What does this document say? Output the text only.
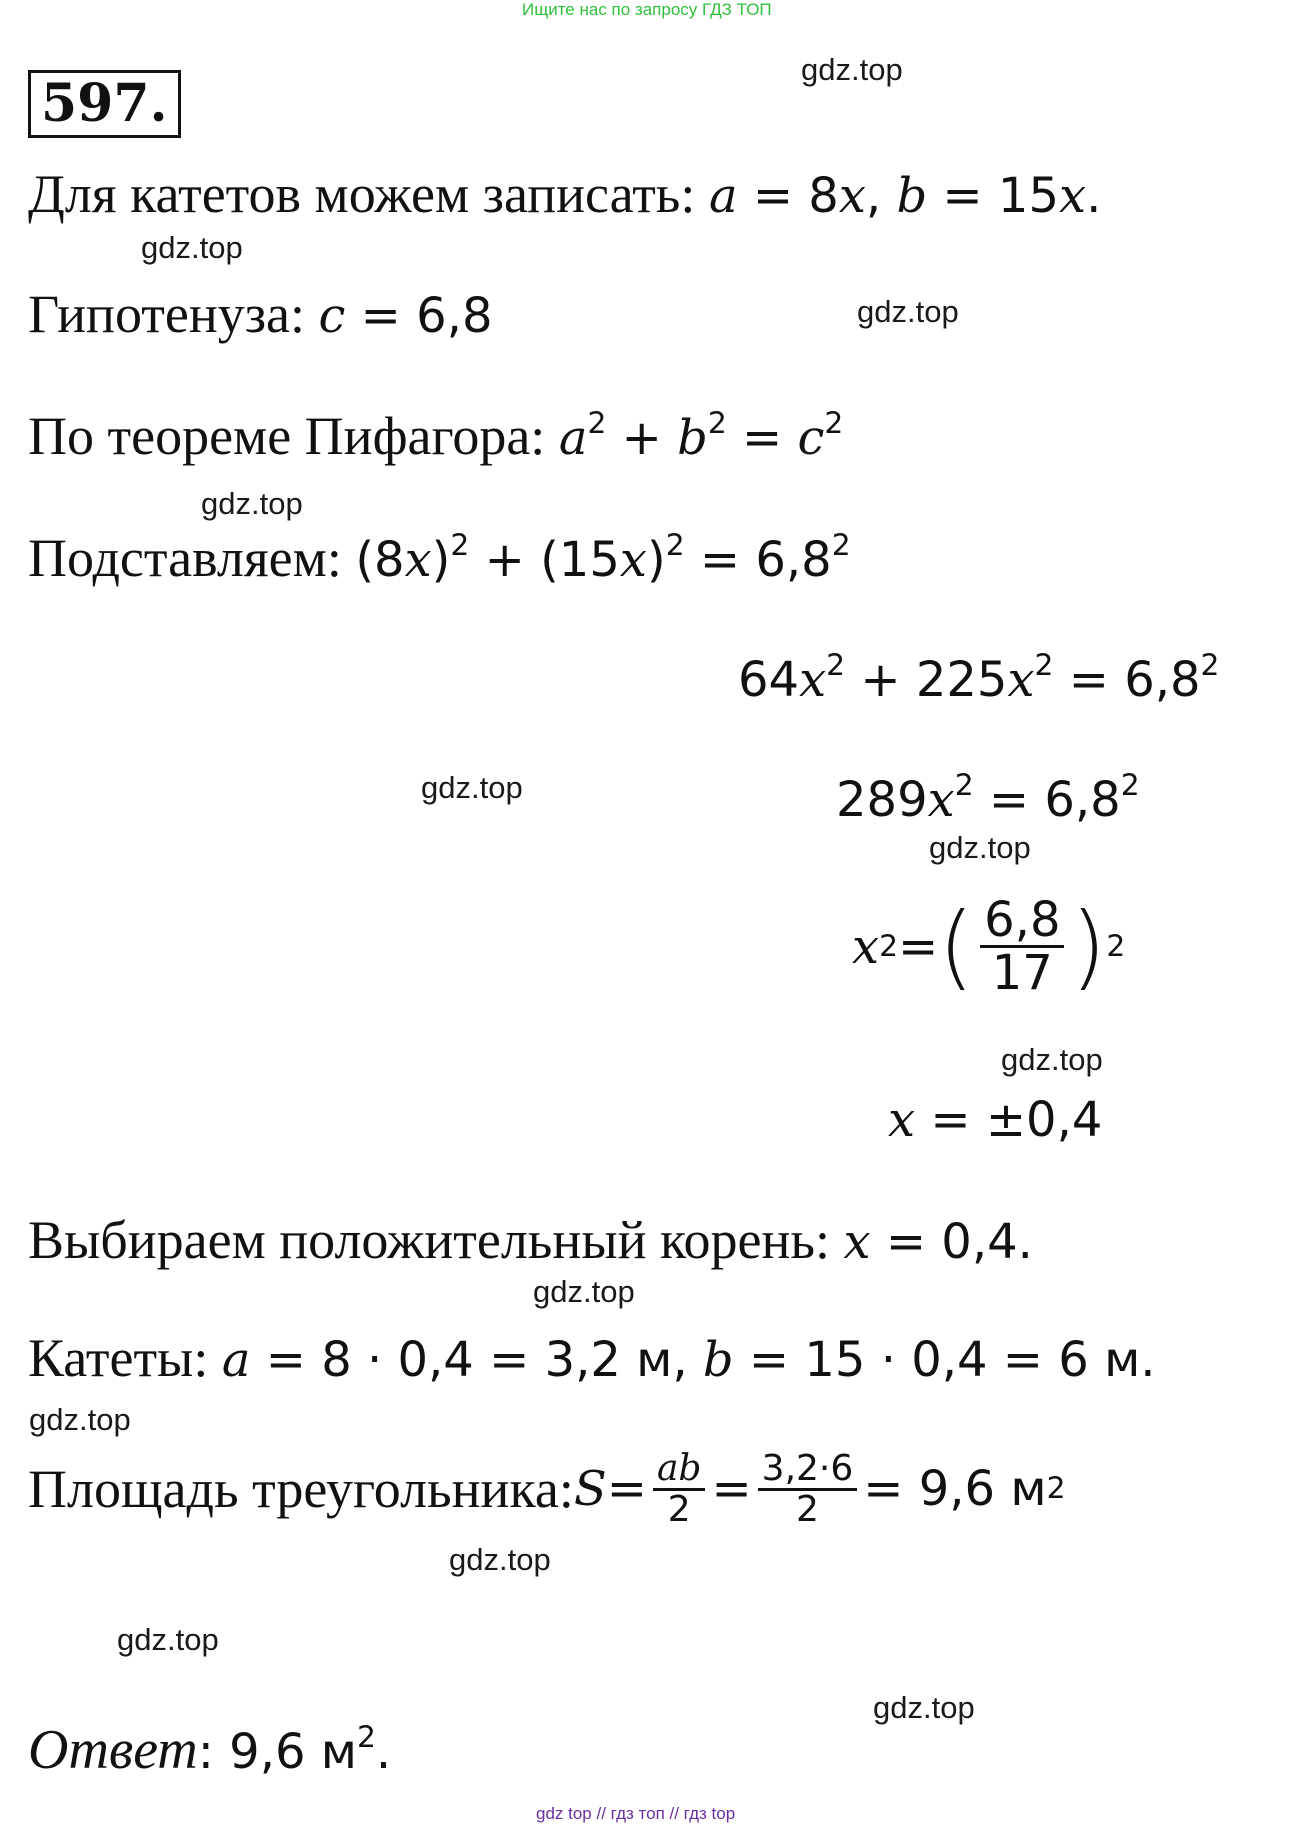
Ищите нас по запросу ГДЗ ТОП
597.
gdz.top
gdz.top
gdz.top
gdz.top
gdz.top
gdz.top
gdz.top
gdz.top
gdz.top
gdz.top
gdz.top
gdz.top
Для катетов можем записать: a = 8x, b = 15x.
Гипотенуза: c = 6,8
По теореме Пифагора: $a^2 + b^2 = c^2$
Подставляем: $(8x)^2 + (15x)^2 = 6,8^2$
$64x^2 + 225x^2 = 6,8^2$
$289x^2 = 6,8^2$
x 2 = ( $\frac{6,8}{17}$ ) 2
x = ±0,4
Выбираем положительный корень: x = 0,4.
Катеты: a = 8 · 0,4 = 3,2 м, b = 15 · 0,4 = 6 м.
Площадь треугольника: $S = \frac{ab}{2} = \frac{3,2\cdot 6}{2} = 9,6$ м 2
Ответ: 9,6 $м^2$.
gdz top // гдз топ // гдз top
